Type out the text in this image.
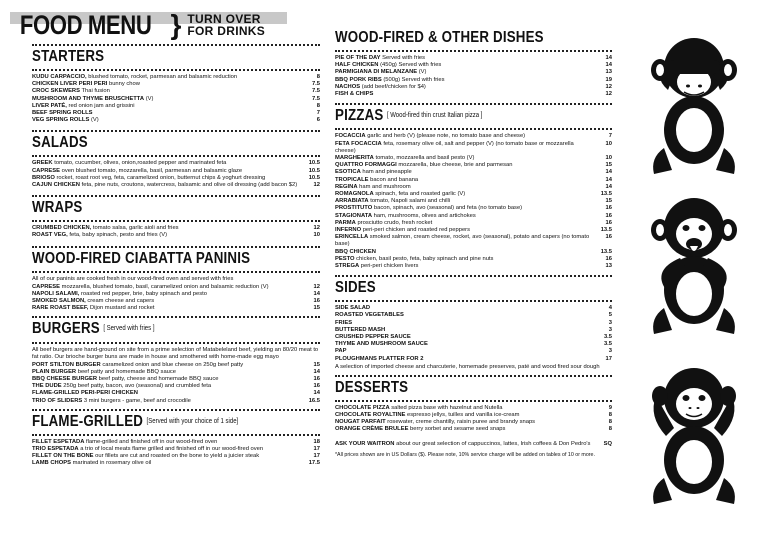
FOOD MENU } TURN OVER
FOR DRINKS
STARTERS
KUDU CARPACCIO, blushed tomato, rocket, parmesan and balsamic reduction	8
CHICKEN LIVER PERI PERI bunny chow	7.5
CROC SKEWERS Thai fusion	7.5
MUSHROOM AND THYME BRUSCHETTA (V)	7.5
LIVER PATÉ, red onion jam and grissini	8
BEEF SPRING ROLLS	7
VEG SPRING ROLLS (V)	6
SALADS
GREEK tomato, cucumber, olives, onion,roasted pepper and marinated feta	10.5
CAPRESE oven blushed tomato, mozzarella, basil, parmesan and balsamic glaze	10.5
BRIOSO rocket, roast root veg, feta, caramelized onion, butternut chips & yoghurt dressing	10.5
CAJUN CHICKEN feta, pine nuts, croutons, watercress, balsamic and olive oil dressing (add bacon $2)	12
WRAPS
CRUMBED CHICKEN, tomato salsa, garlic aioli and fries	12
ROAST VEG, feta, baby spinach, pesto and fries (V)	10
WOOD-FIRED CIABATTA PANINIS
All of our paninis are cooked fresh in our wood-fired oven and served with fries
CAPRESE mozzarella, blushed tomato, basil, caramelized onion and balsamic reduction (V)	12
NAPOLI SALAMI, roasted red pepper, brie, baby spinach and pesto	14
SMOKED SALMON, cream cheese and capers	16
RARE ROAST BEEF, Dijon mustard and rocket	15
BURGERS [ Served with fries ]
All beef burgers are hand-ground on site from a prime selection of Matabeleland beef, yielding an 80/20 meat to fat ratio. Our brioche burger buns are made in house and smothered with home-made egg mayo
PORT STILTON BURGER caramelized onion and blue cheese on 250g beef patty	15
PLAIN BURGER beef patty and homemade BBQ sauce	14
BBQ CHEESE BURGER beef patty, cheese and homemade BBQ sauce	16
THE DUDE 250g beef patty, bacon, avo (seasonal) and crumbled feta	16
FLAME-GRILLED PERI-PERI CHICKEN	14
TRIO OF SLIDERS 3 mini burgers - game, beef and crocodile	16.5
FLAME-GRILLED [Served with your choice of 1 side]
FILLET ESPETADA flame-grilled and finished off in our wood-fired oven	18
TRIO ESPETADA a trio of local meats flame grilled and finished off in our wood-fired oven	17
FILLET ON THE BONE our fillets are cut and roasted on the bone to yield a juicier steak	17
LAMB CHOPS marinated in rosemary olive oil	17.5
WOOD-FIRED & OTHER DISHES
PIE OF THE DAY Served with fries	14
HALF CHICKEN (450g) Served with fries	14
PARMIGIANA DI MELANZANE (V)	13
BBQ PORK RIBS (500g) Served with fries	19
NACHOS (add beef/chicken for $4)	12
FISH & CHIPS	12
PIZZAS [ Wood-fired thin crust Italian pizza ]
FOCACCIA garlic and herb (V) (please note, no tomato base and cheese)	7
FETA FOCACCIA feta, rosemary olive oil, salt and pepper (V) (no tomato base or mozzarella cheese)
10
MARGHERITA tomato, mozzarella and basil pesto (V)	10
QUATTRO FORMAGGI mozzarella, blue cheese, brie and parmesan	15
ESOTICA ham and pineapple	14
TROPICALE bacon and banana	14
REGINA ham and mushroom	14
ROMAGNOLA spinach, feta and roasted garlic (V)	13.5
ARRABIATA tomato, Napoli salami and chilli	15
PROSTITUTO bacon, spinach, avo (seasonal) and feta (no tomato base)	16
STAGIONATA ham, mushrooms, olives and artichokes	16
PARMA prosciutto crudo, fresh rocket	16
INFERNO peri-peri chicken and roasted red peppers	13.5
ERINCELLA smoked salmon, cream cheese, rocket, avo (seasonal), potato and capers (no tomato base)
16
BBQ CHICKEN	13.5
PESTO chicken, basil pesto, feta, baby spinach and pine nuts	16
STREGA peri-peri chicken livers	13
SIDES
SIDE SALAD	4
ROASTED VEGETABLES	5
FRIES	3
BUTTERED MASH	3
CRUSHED PEPPER SAUCE	3.5
THYME AND MUSHROOM SAUCE	3.5
PAP	3
PLOUGHMANS PLATTER FOR 2	17
A selection of imported cheese and charcuterie, homemade preserves, paté and wood fired sour dough
DESSERTS
CHOCOLATE PIZZA salted pizza base with hazelnut and Nutella	9
CHOCOLATE ROYALTINE espresso jellys, tuilles and vanilla ice-cream	8
NOUGAT PARFAIT rosewater, creme chantilly, raisin puree and brandy snaps	8
ORANGE CRÈME BRULEE berry sorbet and sesame seed snaps	8
ASK YOUR WAITRON about our great selection of cappuccinos, lattes, Irish coffees & Don Pedro's	SQ
*All prices shown are in US Dollars ($). Please note, 10% service charge will be added on tables of 10 or more.
